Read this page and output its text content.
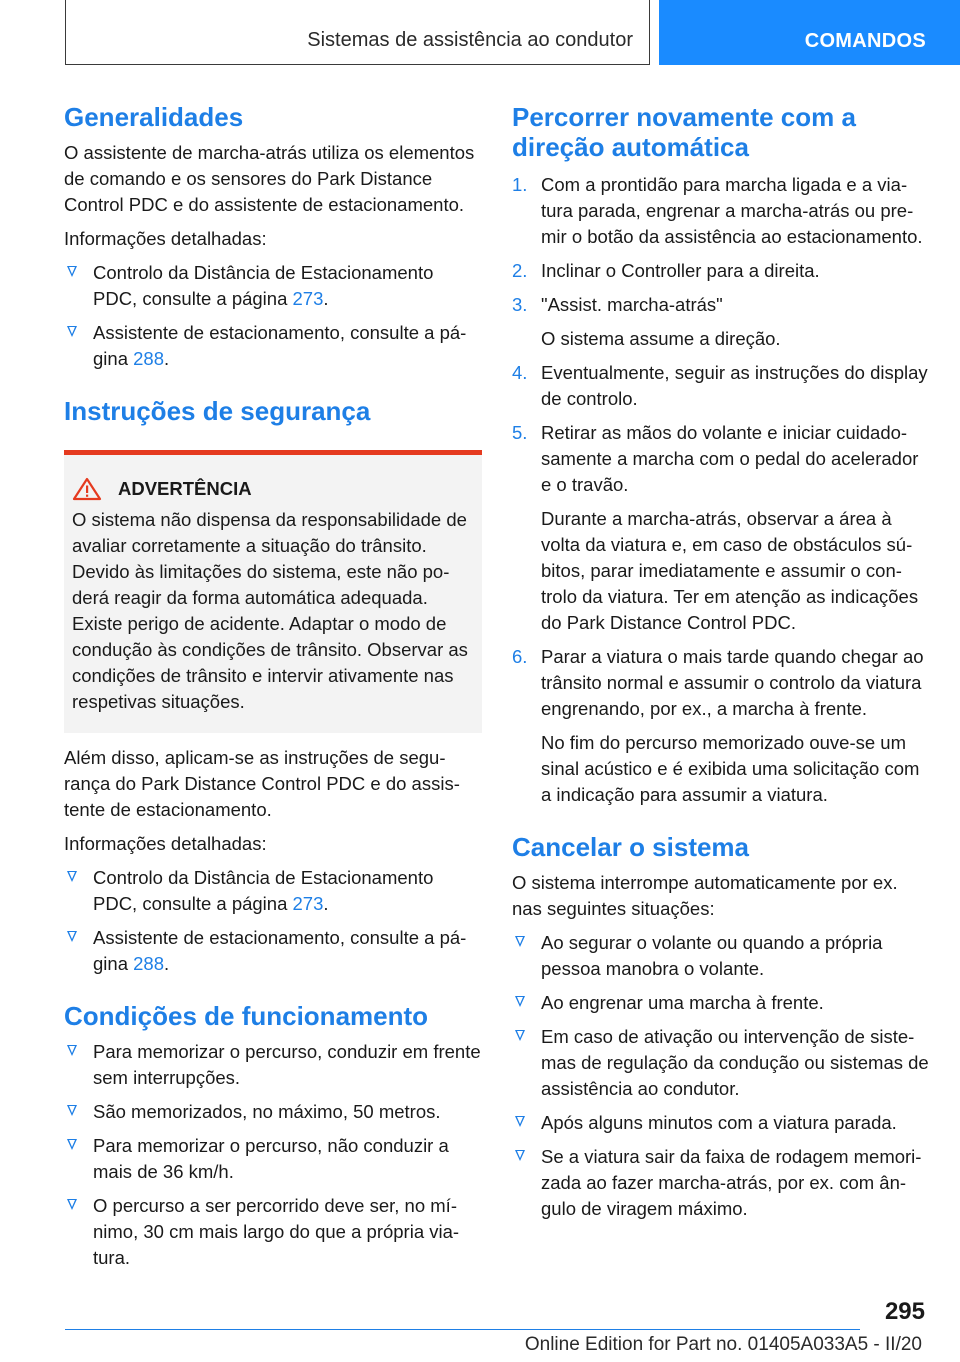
Sistemas de assistência ao condutor	COMANDOS
Generalidades

O assistente de marcha-atrás utiliza os elementos de comando e os sensores do Park Distance Control PDC e do assistente de estacionamento.

Informações detalhadas:

Controlo da Distância de Estacionamento PDC, consulte a página 273.
Assistente de estacionamento, consulte a página 288.
Instruções de segurança
ADVERTÊNCIA

O sistema não dispensa da responsabilidade de avaliar corretamente a situação do trânsito. Devido às limitações do sistema, este não poderá reagir da forma automática adequada. Existe perigo de acidente. Adaptar o modo de condução às condições de trânsito. Observar as condições de trânsito e intervir ativamente nas respetivas situações.

Além disso, aplicam-se as instruções de segurança do Park Distance Control PDC e do assistente de estacionamento.

Informações detalhadas:

Controlo da Distância de Estacionamento PDC, consulte a página 273.
Assistente de estacionamento, consulte a página 288.
Condições de funcionamento
Para memorizar o percurso, conduzir em frente sem interrupções.
São memorizados, no máximo, 50 metros.
Para memorizar o percurso, não conduzir a mais de 36 km/h.
O percurso a ser percorrido deve ser, no mínimo, 30 cm mais largo do que a própria viatura.
Percorrer novamente com a direção automática
1. Com a prontidão para marcha ligada e a viatura parada, engrenar a marcha-atrás ou premir o botão da assistência ao estacionamento.
2. Inclinar o Controller para a direita.
3. "Assist. marcha-atrás"
O sistema assume a direção.
4. Eventualmente, seguir as instruções do display de controlo.
5. Retirar as mãos do volante e iniciar cuidadosamente a marcha com o pedal do acelerador e o travão.
Durante a marcha-atrás, observar a área à volta da viatura e, em caso de obstáculos súbitos, parar imediatamente e assumir o controlo da viatura. Ter em atenção as indicações do Park Distance Control PDC.
6. Parar a viatura o mais tarde quando chegar ao trânsito normal e assumir o controlo da viatura engrenando, por ex., a marcha à frente.
No fim do percurso memorizado ouve-se um sinal acústico e é exibida uma solicitação com a indicação para assumir a viatura.
Cancelar o sistema

O sistema interrompe automaticamente por ex. nas seguintes situações:

Ao segurar o volante ou quando a própria pessoa manobra o volante.
Ao engrenar uma marcha à frente.
Em caso de ativação ou intervenção de sistemas de regulação da condução ou sistemas de assistência ao condutor.
Após alguns minutos com a viatura parada.
Se a viatura sair da faixa de rodagem memorizada ao fazer marcha-atrás, por ex. com ângulo de viragem máximo.
295
Online Edition for Part no. 01405A033A5 - II/20
